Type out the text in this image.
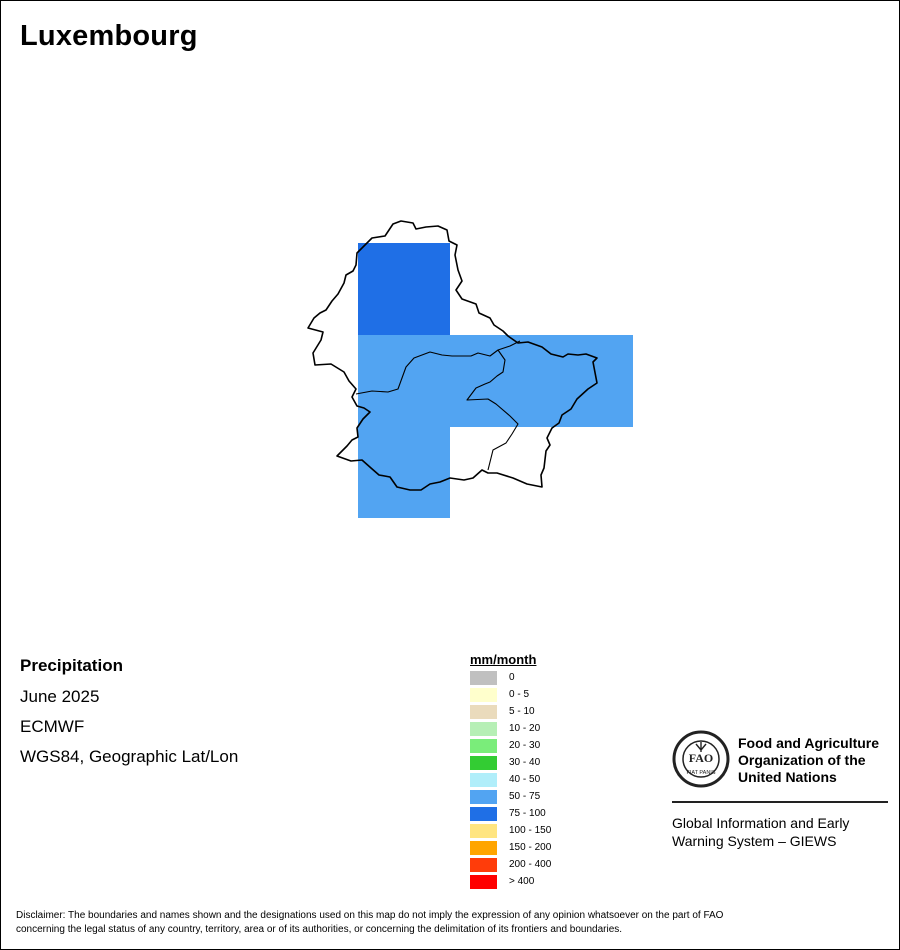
Luxembourg
Precipitation
June 2025
ECMWF
WGS84, Geographic Lat/Lon
mm/month
0
0 - 5
5 - 10
10 - 20
20 - 30
30 - 40
40 - 50
50 - 75
75 - 100
100 - 150
150 - 200
200 - 400
> 400
FAO
FIAT PANIS
Food and Agriculture
Organization of the
United Nations
Global Information and Early
Warning System – GIEWS
Disclaimer: The boundaries and names shown and the designations used on this map do not imply the expression of any opinion whatsoever on the part of FAO
concerning the legal status of any country, territory, area or of its authorities, or concerning the delimitation of its frontiers and boundaries.
